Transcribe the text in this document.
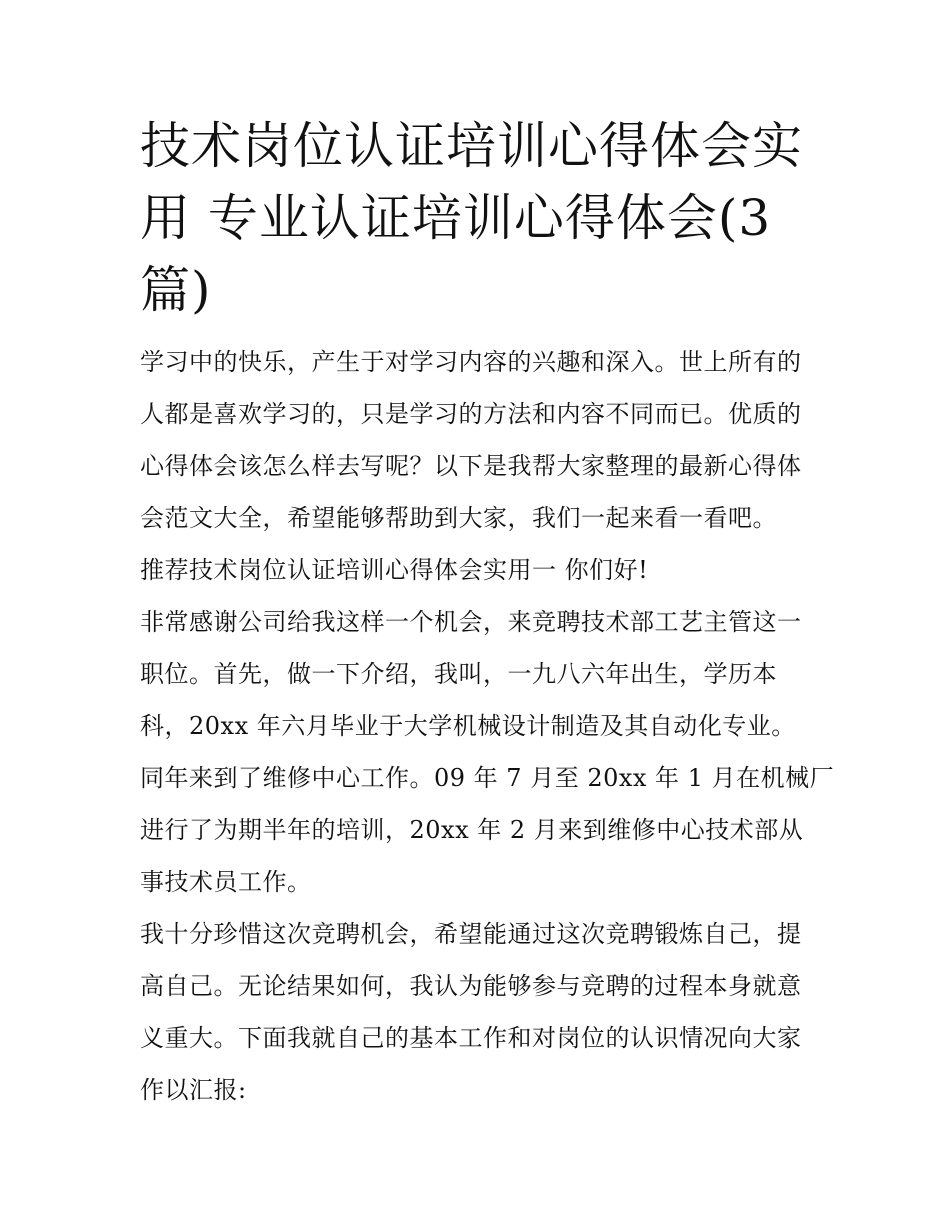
技术岗位认证培训心得体会实
用 专业认证培训心得体会(3
篇)

学习中的快乐，产生于对学习内容的兴趣和深入。世上所有的
人都是喜欢学习的，只是学习的方法和内容不同而已。优质的
心得体会该怎么样去写呢？以下是我帮大家整理的最新心得体
会范文大全，希望能够帮助到大家，我们一起来看一看吧。

推荐技术岗位认证培训心得体会实用一 你们好!

非常感谢公司给我这样一个机会，来竞聘技术部工艺主管这一
职位。首先，做一下介绍，我叫，一九八六年出生，学历本
科，20xx 年六月毕业于大学机械设计制造及其自动化专业。
同年来到了维修中心工作。09 年 7 月至 20xx 年 1 月在机械厂
进行了为期半年的培训，20xx 年 2 月来到维修中心技术部从
事技术员工作。

我十分珍惜这次竞聘机会，希望能通过这次竞聘锻炼自己，提
高自己。无论结果如何，我认为能够参与竞聘的过程本身就意
义重大。下面我就自己的基本工作和对岗位的认识情况向大家
作以汇报:
